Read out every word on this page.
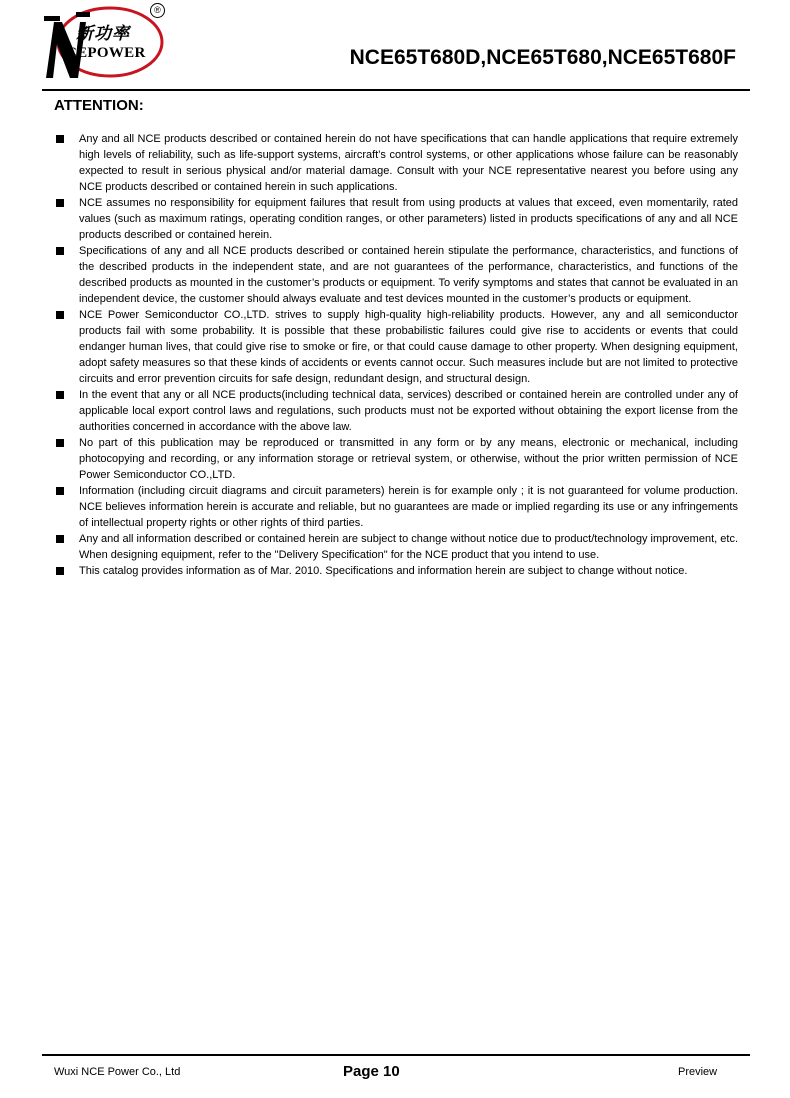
新功率
CEPOWER
®
NCE65T680D,NCE65T680,NCE65T680F
ATTENTION:
Any and all NCE products described or contained herein do not have specifications that can handle applications that require extremely high levels of reliability, such as life-support systems, aircraft's control systems, or other applications whose failure can be reasonably expected to result in serious physical and/or material damage. Consult with your NCE representative nearest you before using any NCE products described or contained herein in such applications.
NCE assumes no responsibility for equipment failures that result from using products at values that exceed, even momentarily, rated values (such as maximum ratings, operating condition ranges, or other parameters) listed in products specifications of any and all NCE products described or contained herein.
Specifications of any and all NCE products described or contained herein stipulate the performance, characteristics, and functions of the described products in the independent state, and are not guarantees of the performance, characteristics, and functions of the described products as mounted in the customer’s products or equipment. To verify symptoms and states that cannot be evaluated in an independent device, the customer should always evaluate and test devices mounted in the customer’s products or equipment.
NCE Power Semiconductor CO.,LTD. strives to supply high-quality high-reliability products. However, any and all semiconductor products fail with some probability. It is possible that these probabilistic failures could give rise to accidents or events that could endanger human lives, that could give rise to smoke or fire, or that could cause damage to other property. When designing equipment, adopt safety measures so that these kinds of accidents or events cannot occur. Such measures include but are not limited to protective circuits and error prevention circuits for safe design, redundant design, and structural design.
In the event that any or all NCE products(including technical data, services) described or contained herein are controlled under any of applicable local export control laws and regulations, such products must not be exported without obtaining the export license from the authorities concerned in accordance with the above law.
No part of this publication may be reproduced or transmitted in any form or by any means, electronic or mechanical, including photocopying and recording, or any information storage or retrieval system, or otherwise, without the prior written permission of NCE Power Semiconductor CO.,LTD.
Information (including circuit diagrams and circuit parameters) herein is for example only ; it is not guaranteed for volume production. NCE believes information herein is accurate and reliable, but no guarantees are made or implied regarding its use or any infringements of intellectual property rights or other rights of third parties.
Any and all information described or contained herein are subject to change without notice due to product/technology improvement, etc. When designing equipment, refer to the "Delivery Specification" for the NCE product that you intend to use.
This catalog provides information as of Mar. 2010. Specifications and information herein are subject to change without notice.
Wuxi NCE Power Co., Ltd	Page 10	Preview
